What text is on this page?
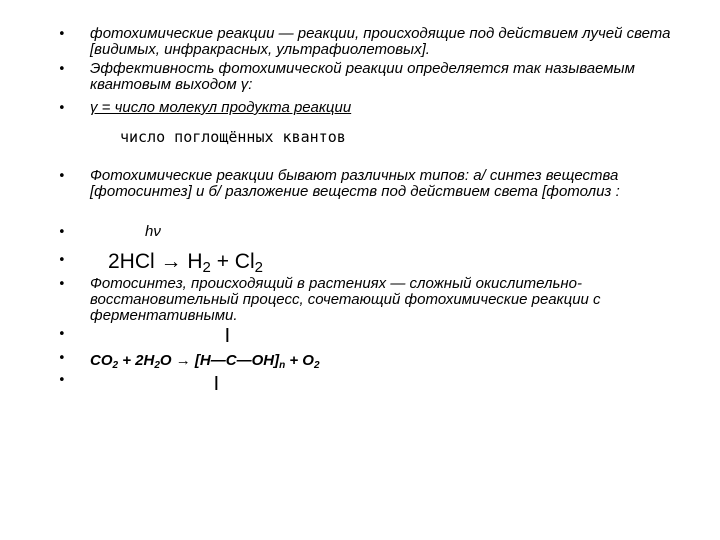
•
•
•
•
•
•
•
•
•
•
фотохимические реакции — реакции, происходящие под действием лучей света [видимых, инфракрасных, ультрафиолетовых].
Эффективность фотохимической реакции определяется так называемым квантовым выходом γ:
γ = число молекул продукта реакции
число поглощённых квантов
Фотохимические реакции бывают различных типов: а/ синтез вещества [фотосинтез] и б/ разложение веществ под действием света [фотолиз :
hν
$2HCl \to H_2 + Cl_2$
Фотосинтез, происходящий в растениях — сложный окислительно-восстановительный процесс, сочетающий фотохимические реакции с ферментативными.
|
$CO_2 + 2H_2O$ → $[H—C—OH]_n + O_2$
|
